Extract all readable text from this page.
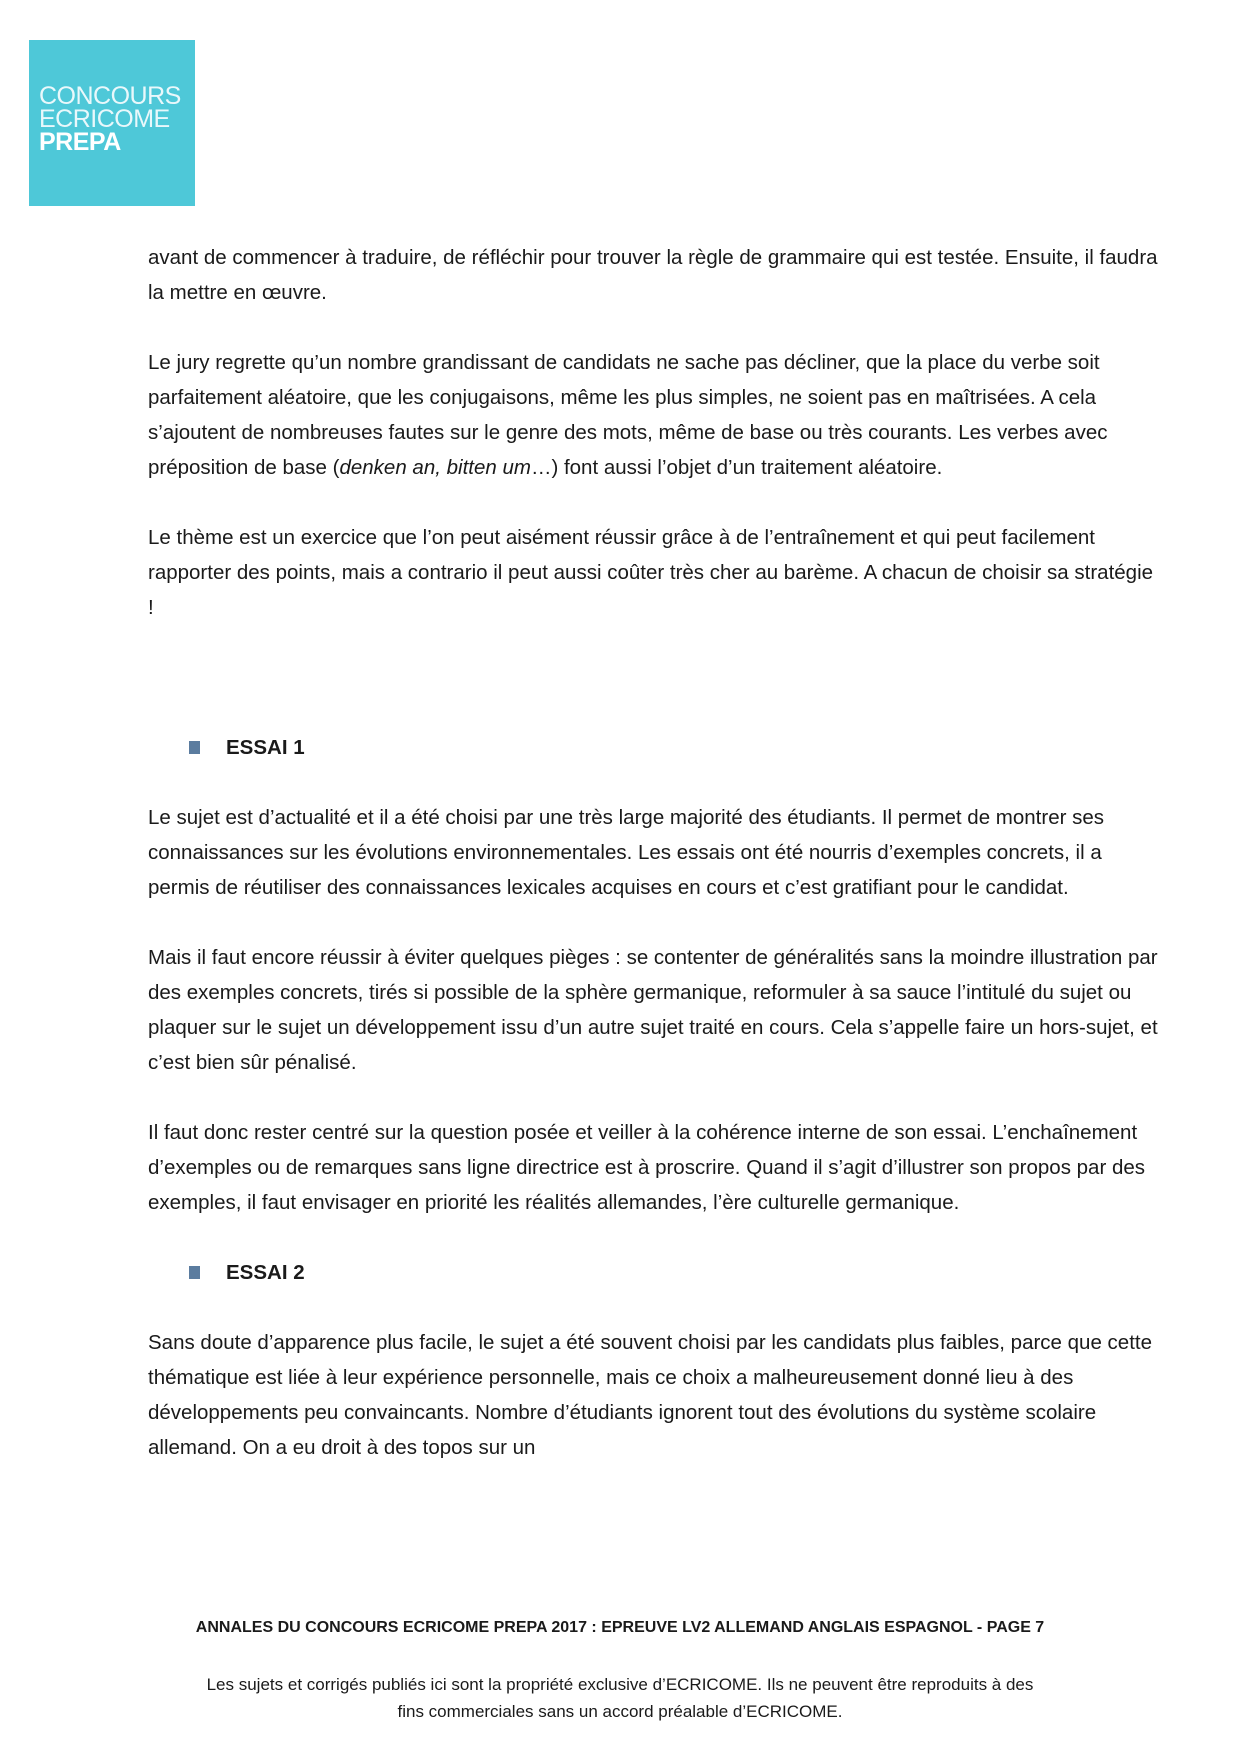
CONCOURS
ECRICOME
PREPA

avant de commencer à traduire, de réfléchir pour trouver la règle de grammaire qui est testée. Ensuite, il faudra la mettre en œuvre.

Le jury regrette qu’un nombre grandissant de candidats ne sache pas décliner, que la place du verbe soit parfaitement aléatoire, que les conjugaisons, même les plus simples, ne soient pas en maîtrisées. A cela s’ajoutent de nombreuses fautes sur le genre des mots, même de base ou très courants. Les verbes avec préposition de base (denken an, bitten um…) font aussi l’objet d’un traitement aléatoire.

Le thème est un exercice que l’on peut aisément réussir grâce à de l’entraînement et qui peut facilement rapporter des points, mais a contrario il peut aussi coûter très cher au barème. A chacun de choisir sa stratégie !

ESSAI 1

Le sujet est d’actualité et il a été choisi par une très large majorité des étudiants. Il permet de montrer ses connaissances sur les évolutions environnementales. Les essais ont été nourris d’exemples concrets, il a permis de réutiliser des connaissances lexicales acquises en cours et c’est gratifiant pour le candidat.

Mais il faut encore réussir à éviter quelques pièges : se contenter de généralités sans la moindre illustration par des exemples concrets, tirés si possible de la sphère germanique, reformuler à sa sauce l’intitulé du sujet ou plaquer sur le sujet un développement issu d’un autre sujet traité en cours. Cela s’appelle faire un hors-sujet, et c’est bien sûr pénalisé.

Il faut donc rester centré sur la question posée et veiller à la cohérence interne de son essai. L’enchaînement d’exemples ou de remarques sans ligne directrice est à proscrire. Quand il s’agit d’illustrer son propos par des exemples, il faut envisager en priorité les réalités allemandes, l’ère culturelle germanique.

ESSAI 2

Sans doute d’apparence plus facile, le sujet a été souvent choisi par les candidats plus faibles, parce que cette thématique est liée à leur expérience personnelle, mais ce choix a malheureusement donné lieu à des développements peu convaincants. Nombre d’étudiants ignorent tout des évolutions du système scolaire allemand. On a eu droit à des topos sur un

ANNALES DU CONCOURS ECRICOME PREPA 2017 : EPREUVE LV2 ALLEMAND ANGLAIS ESPAGNOL - PAGE 7
Les sujets et corrigés publiés ici sont la propriété exclusive d’ECRICOME. Ils ne peuvent être reproduits à des
fins commerciales sans un accord préalable d’ECRICOME.
